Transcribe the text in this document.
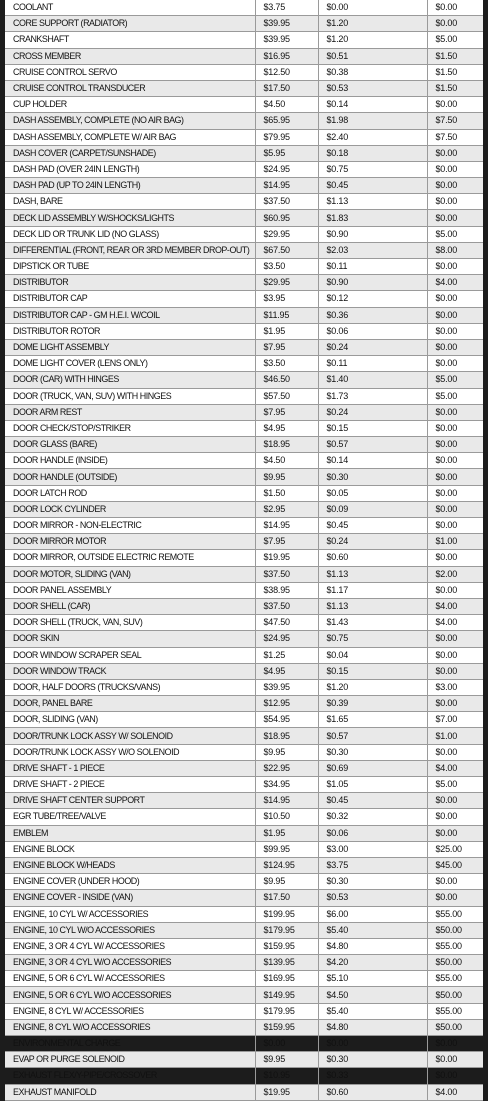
COOLANT	$3.75	$0.00	$0.00
CORE SUPPORT (RADIATOR)	$39.95	$1.20	$0.00
CRANKSHAFT	$39.95	$1.20	$5.00
CROSS MEMBER	$16.95	$0.51	$1.50
CRUISE CONTROL SERVO	$12.50	$0.38	$1.50
CRUISE CONTROL TRANSDUCER	$17.50	$0.53	$1.50
CUP HOLDER	$4.50	$0.14	$0.00
DASH ASSEMBLY, COMPLETE (NO AIR BAG)	$65.95	$1.98	$7.50
DASH ASSEMBLY, COMPLETE W/ AIR BAG	$79.95	$2.40	$7.50
DASH COVER (CARPET/SUNSHADE)	$5.95	$0.18	$0.00
DASH PAD (OVER 24IN LENGTH)	$24.95	$0.75	$0.00
DASH PAD (UP TO 24IN LENGTH)	$14.95	$0.45	$0.00
DASH, BARE	$37.50	$1.13	$0.00
DECK LID ASSEMBLY W/SHOCKS/LIGHTS	$60.95	$1.83	$0.00
DECK LID OR TRUNK LID (NO GLASS)	$29.95	$0.90	$5.00
DIFFERENTIAL (FRONT, REAR OR 3RD MEMBER DROP-OUT)	$67.50	$2.03	$8.00
DIPSTICK OR TUBE	$3.50	$0.11	$0.00
DISTRIBUTOR	$29.95	$0.90	$4.00
DISTRIBUTOR CAP	$3.95	$0.12	$0.00
DISTRIBUTOR CAP - GM H.E.I. W/COIL	$11.95	$0.36	$0.00
DISTRIBUTOR ROTOR	$1.95	$0.06	$0.00
DOME LIGHT ASSEMBLY	$7.95	$0.24	$0.00
DOME LIGHT COVER (LENS ONLY)	$3.50	$0.11	$0.00
DOOR (CAR) WITH HINGES	$46.50	$1.40	$5.00
DOOR (TRUCK, VAN, SUV) WITH HINGES	$57.50	$1.73	$5.00
DOOR ARM REST	$7.95	$0.24	$0.00
DOOR CHECK/STOP/STRIKER	$4.95	$0.15	$0.00
DOOR GLASS (BARE)	$18.95	$0.57	$0.00
DOOR HANDLE (INSIDE)	$4.50	$0.14	$0.00
DOOR HANDLE (OUTSIDE)	$9.95	$0.30	$0.00
DOOR LATCH ROD	$1.50	$0.05	$0.00
DOOR LOCK CYLINDER	$2.95	$0.09	$0.00
DOOR MIRROR - NON-ELECTRIC	$14.95	$0.45	$0.00
DOOR MIRROR MOTOR	$7.95	$0.24	$1.00
DOOR MIRROR, OUTSIDE ELECTRIC REMOTE	$19.95	$0.60	$0.00
DOOR MOTOR, SLIDING (VAN)	$37.50	$1.13	$2.00
DOOR PANEL ASSEMBLY	$38.95	$1.17	$0.00
DOOR SHELL (CAR)	$37.50	$1.13	$4.00
DOOR SHELL (TRUCK, VAN, SUV)	$47.50	$1.43	$4.00
DOOR SKIN	$24.95	$0.75	$0.00
DOOR WINDOW SCRAPER SEAL	$1.25	$0.04	$0.00
DOOR WINDOW TRACK	$4.95	$0.15	$0.00
DOOR, HALF DOORS (TRUCKS/VANS)	$39.95	$1.20	$3.00
DOOR, PANEL BARE	$12.95	$0.39	$0.00
DOOR, SLIDING (VAN)	$54.95	$1.65	$7.00
DOOR/TRUNK LOCK ASSY W/ SOLENOID	$18.95	$0.57	$1.00
DOOR/TRUNK LOCK ASSY W/O SOLENOID	$9.95	$0.30	$0.00
DRIVE SHAFT - 1 PIECE	$22.95	$0.69	$4.00
DRIVE SHAFT - 2 PIECE	$34.95	$1.05	$5.00
DRIVE SHAFT CENTER SUPPORT	$14.95	$0.45	$0.00
EGR TUBE/TREE/VALVE	$10.50	$0.32	$0.00
EMBLEM	$1.95	$0.06	$0.00
ENGINE BLOCK	$99.95	$3.00	$25.00
ENGINE BLOCK W/HEADS	$124.95	$3.75	$45.00
ENGINE COVER (UNDER HOOD)	$9.95	$0.30	$0.00
ENGINE COVER - INSIDE (VAN)	$17.50	$0.53	$0.00
ENGINE, 10 CYL W/ ACCESSORIES	$199.95	$6.00	$55.00
ENGINE, 10 CYL W/O ACCESSORIES	$179.95	$5.40	$50.00
ENGINE, 3 OR 4 CYL W/ ACCESSORIES	$159.95	$4.80	$55.00
ENGINE, 3 OR 4 CYL W/O ACCESSORIES	$139.95	$4.20	$50.00
ENGINE, 5 OR 6 CYL W/ ACCESSORIES	$169.95	$5.10	$55.00
ENGINE, 5 OR 6 CYL W/O ACCESSORIES	$149.95	$4.50	$50.00
ENGINE, 8 CYL W/ ACCESSORIES	$179.95	$5.40	$55.00
ENGINE, 8 CYL W/O ACCESSORIES	$159.95	$4.80	$50.00
ENVIRONMENTAL CHARGE	$0.00	$0.00	$0.00
EVAP OR PURGE SOLENOID	$9.95	$0.30	$0.00
EXHAUST FLEX/Y-PIPE/CROSSOVER	$10.95	$0.33	$0.00
EXHAUST MANIFOLD	$19.95	$0.60	$4.00
